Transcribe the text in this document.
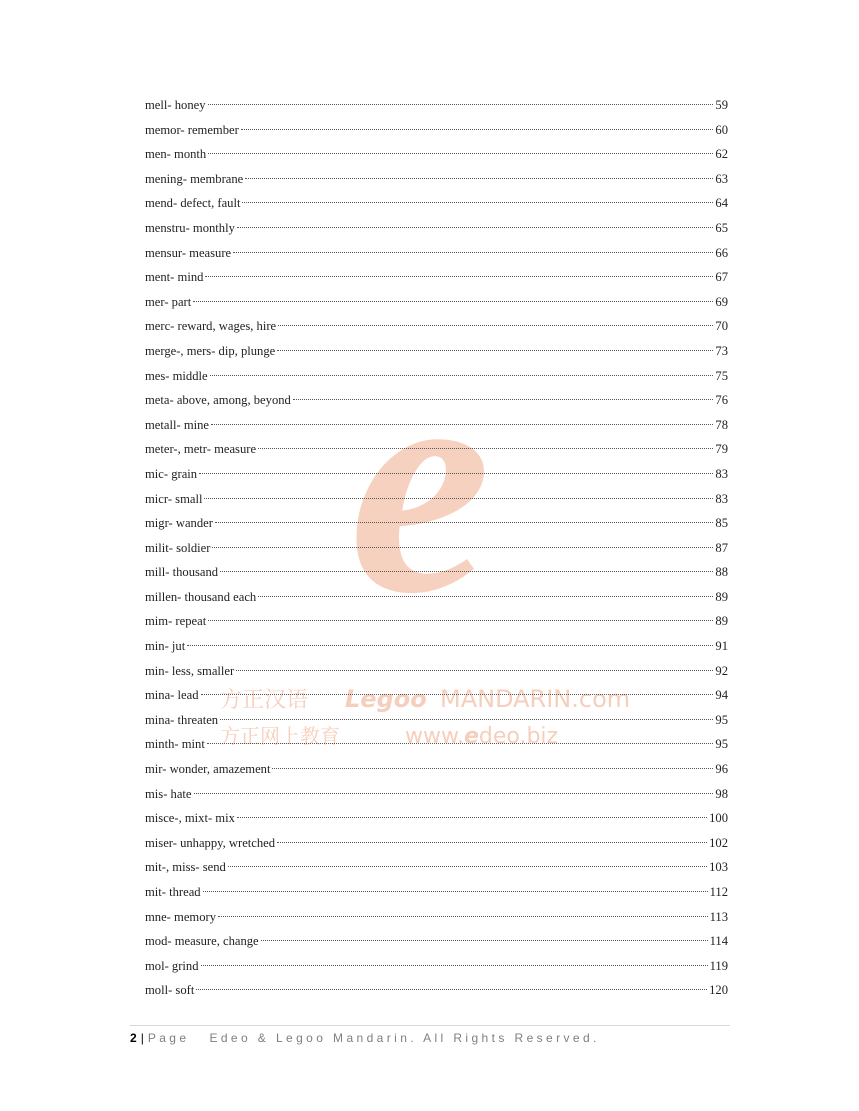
e
方正汉语 Legoo MANDARIN.com
方正网上教育	www.edeo.biz
mell- honey	59
memor- remember	60
men- month	62
mening- membrane	63
mend- defect, fault	64
menstru- monthly	65
mensur- measure	66
ment- mind	67
mer- part	69
merc- reward, wages, hire	70
merge-, mers- dip, plunge	73
mes- middle	75
meta- above, among, beyond	76
metall- mine	78
meter-, metr- measure	79
mic- grain	83
micr- small	83
migr- wander	85
milit- soldier	87
mill- thousand	88
millen- thousand each	89
mim- repeat	89
min- jut	91
min- less, smaller	92
mina- lead	94
mina- threaten	95
minth- mint	95
mir- wonder, amazement	96
mis- hate	98
misce-, mixt- mix	100
miser- unhappy, wretched	102
mit-, miss- send	103
mit- thread	112
mne- memory	113
mod- measure, change	114
mol- grind	119
moll- soft	120
2 | Page Edeo & Legoo Mandarin. All Rights Reserved.
